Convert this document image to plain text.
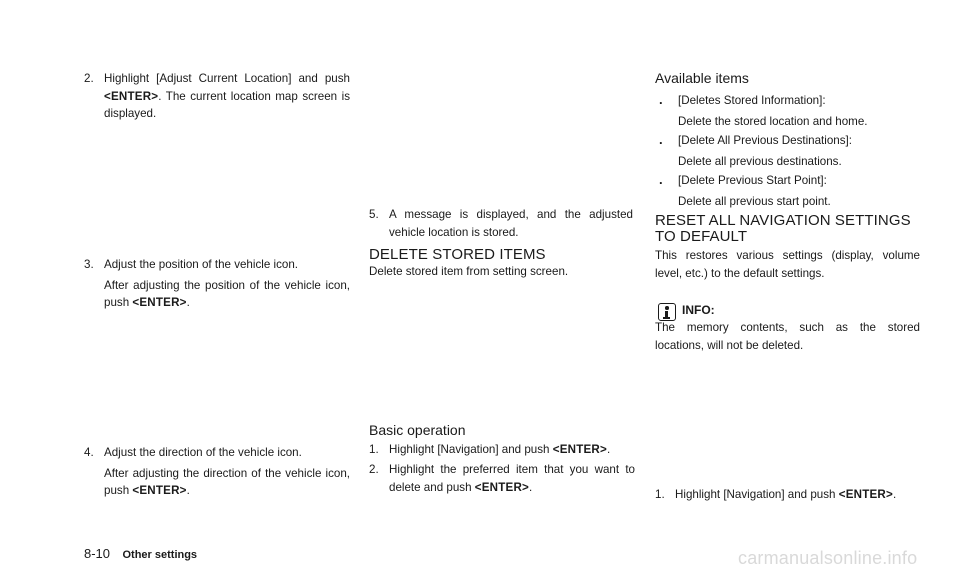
2. Highlight [Adjust Current Location] and push <ENTER>. The current location map screen is displayed.
3. Adjust the position of the vehicle icon.
After adjusting the position of the vehicle icon, push <ENTER>.
4. Adjust the direction of the vehicle icon.
After adjusting the direction of the vehicle icon, push <ENTER>.
5. A message is displayed, and the adjusted vehicle location is stored.
DELETE STORED ITEMS
Delete stored item from setting screen.
Basic operation
1. Highlight [Navigation] and push <ENTER>.
2. Highlight the preferred item that you want to delete and push <ENTER>.
Available items
. [Deletes Stored Information]:
Delete the stored location and home.
. [Delete All Previous Destinations]:
Delete all previous destinations.
. [Delete Previous Start Point]:
Delete all previous start point.
RESET ALL NAVIGATION SETTINGS
TO DEFAULT
This restores various settings (display, volume level, etc.) to the default settings.
INFO:
The memory contents, such as the stored locations, will not be deleted.
1. Highlight [Navigation] and push <ENTER>.
8-10 Other settings	carmanualsonline.info
